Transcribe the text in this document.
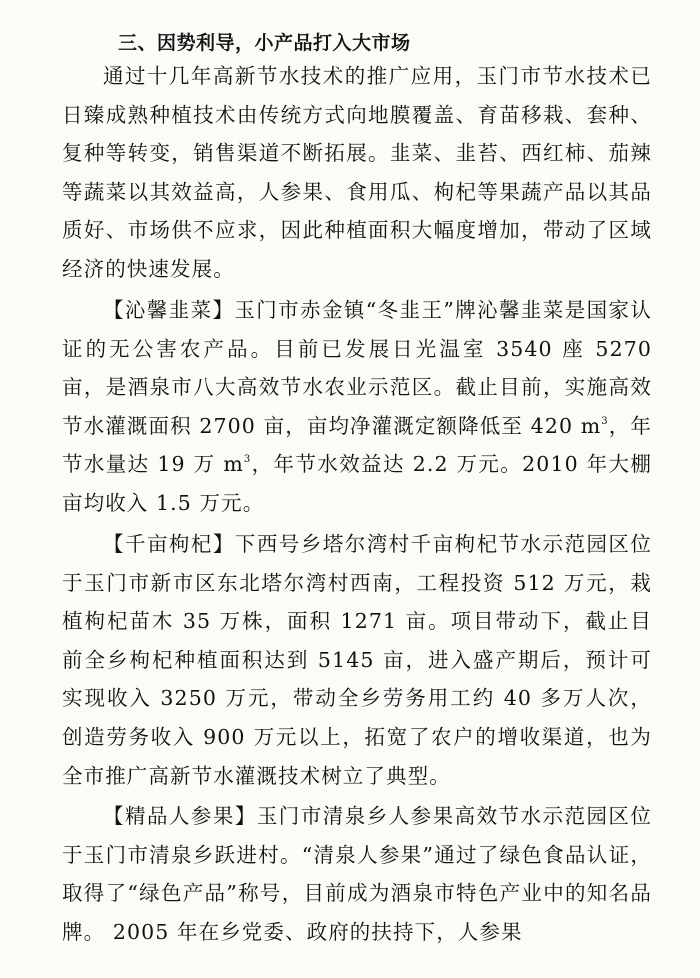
三、因势利导，小产品打入大市场

通过十几年高新节水技术的推广应用，玉门市节水技术已日臻成熟种植技术由传统方式向地膜覆盖、育苗移栽、套种、复种等转变，销售渠道不断拓展。韭菜、韭苔、西红柿、茄辣等蔬菜以其效益高，人参果、食用瓜、枸杞等果蔬产品以其品质好、市场供不应求，因此种植面积大幅度增加，带动了区域经济的快速发展。

【沁馨韭菜】玉门市赤金镇“冬韭王”牌沁馨韭菜是国家认证的无公害农产品。目前已发展日光温室 3540 座 5270 亩，是酒泉市八大高效节水农业示范区。截止目前，实施高效节水灌溉面积 2700 亩，亩均净灌溉定额降低至 420 $m^3$，年节水量达 19 万 $m^3$，年节水效益达 2.2 万元。2010 年大棚亩均收入 1.5 万元。

【千亩枸杞】下西号乡塔尔湾村千亩枸杞节水示范园区位于玉门市新市区东北塔尔湾村西南，工程投资 512 万元，栽植枸杞苗木 35 万株，面积 1271 亩。项目带动下，截止目前全乡枸杞种植面积达到 5145 亩，进入盛产期后，预计可实现收入 3250 万元，带动全乡劳务用工约 40 多万人次，创造劳务收入 900 万元以上，拓宽了农户的增收渠道，也为全市推广高新节水灌溉技术树立了典型。

【精品人参果】玉门市清泉乡人参果高效节水示范园区位于玉门市清泉乡跃进村。“清泉人参果”通过了绿色食品认证，取得了“绿色产品”称号，目前成为酒泉市特色产业中的知名品牌。 2005 年在乡党委、政府的扶持下，人参果
